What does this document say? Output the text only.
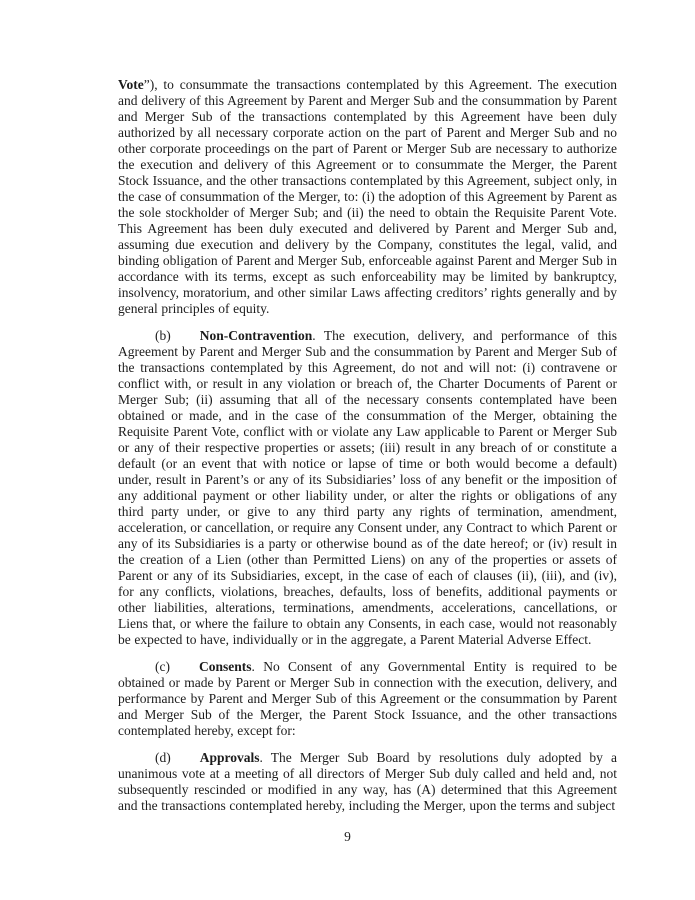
Vote”), to consummate the transactions contemplated by this Agreement. The execution and delivery of this Agreement by Parent and Merger Sub and the consummation by Parent and Merger Sub of the transactions contemplated by this Agreement have been duly authorized by all necessary corporate action on the part of Parent and Merger Sub and no other corporate proceedings on the part of Parent or Merger Sub are necessary to authorize the execution and delivery of this Agreement or to consummate the Merger, the Parent Stock Issuance, and the other transactions contemplated by this Agreement, subject only, in the case of consummation of the Merger, to: (i) the adoption of this Agreement by Parent as the sole stockholder of Merger Sub; and (ii) the need to obtain the Requisite Parent Vote. This Agreement has been duly executed and delivered by Parent and Merger Sub and, assuming due execution and delivery by the Company, constitutes the legal, valid, and binding obligation of Parent and Merger Sub, enforceable against Parent and Merger Sub in accordance with its terms, except as such enforceability may be limited by bankruptcy, insolvency, moratorium, and other similar Laws affecting creditors’ rights generally and by general principles of equity.

(b) Non-Contravention. The execution, delivery, and performance of this Agreement by Parent and Merger Sub and the consummation by Parent and Merger Sub of the transactions contemplated by this Agreement, do not and will not: (i) contravene or conflict with, or result in any violation or breach of, the Charter Documents of Parent or Merger Sub; (ii) assuming that all of the necessary consents contemplated have been obtained or made, and in the case of the consummation of the Merger, obtaining the Requisite Parent Vote, conflict with or violate any Law applicable to Parent or Merger Sub or any of their respective properties or assets; (iii) result in any breach of or constitute a default (or an event that with notice or lapse of time or both would become a default) under, result in Parent’s or any of its Subsidiaries’ loss of any benefit or the imposition of any additional payment or other liability under, or alter the rights or obligations of any third party under, or give to any third party any rights of termination, amendment, acceleration, or cancellation, or require any Consent under, any Contract to which Parent or any of its Subsidiaries is a party or otherwise bound as of the date hereof; or (iv) result in the creation of a Lien (other than Permitted Liens) on any of the properties or assets of Parent or any of its Subsidiaries, except, in the case of each of clauses (ii), (iii), and (iv), for any conflicts, violations, breaches, defaults, loss of benefits, additional payments or other liabilities, alterations, terminations, amendments, accelerations, cancellations, or Liens that, or where the failure to obtain any Consents, in each case, would not reasonably be expected to have, individually or in the aggregate, a Parent Material Adverse Effect.

(c) Consents. No Consent of any Governmental Entity is required to be obtained or made by Parent or Merger Sub in connection with the execution, delivery, and performance by Parent and Merger Sub of this Agreement or the consummation by Parent and Merger Sub of the Merger, the Parent Stock Issuance, and the other transactions contemplated hereby, except for:

(d) Approvals. The Merger Sub Board by resolutions duly adopted by a unanimous vote at a meeting of all directors of Merger Sub duly called and held and, not subsequently rescinded or modified in any way, has (A) determined that this Agreement and the transactions contemplated hereby, including the Merger, upon the terms and subject

9
